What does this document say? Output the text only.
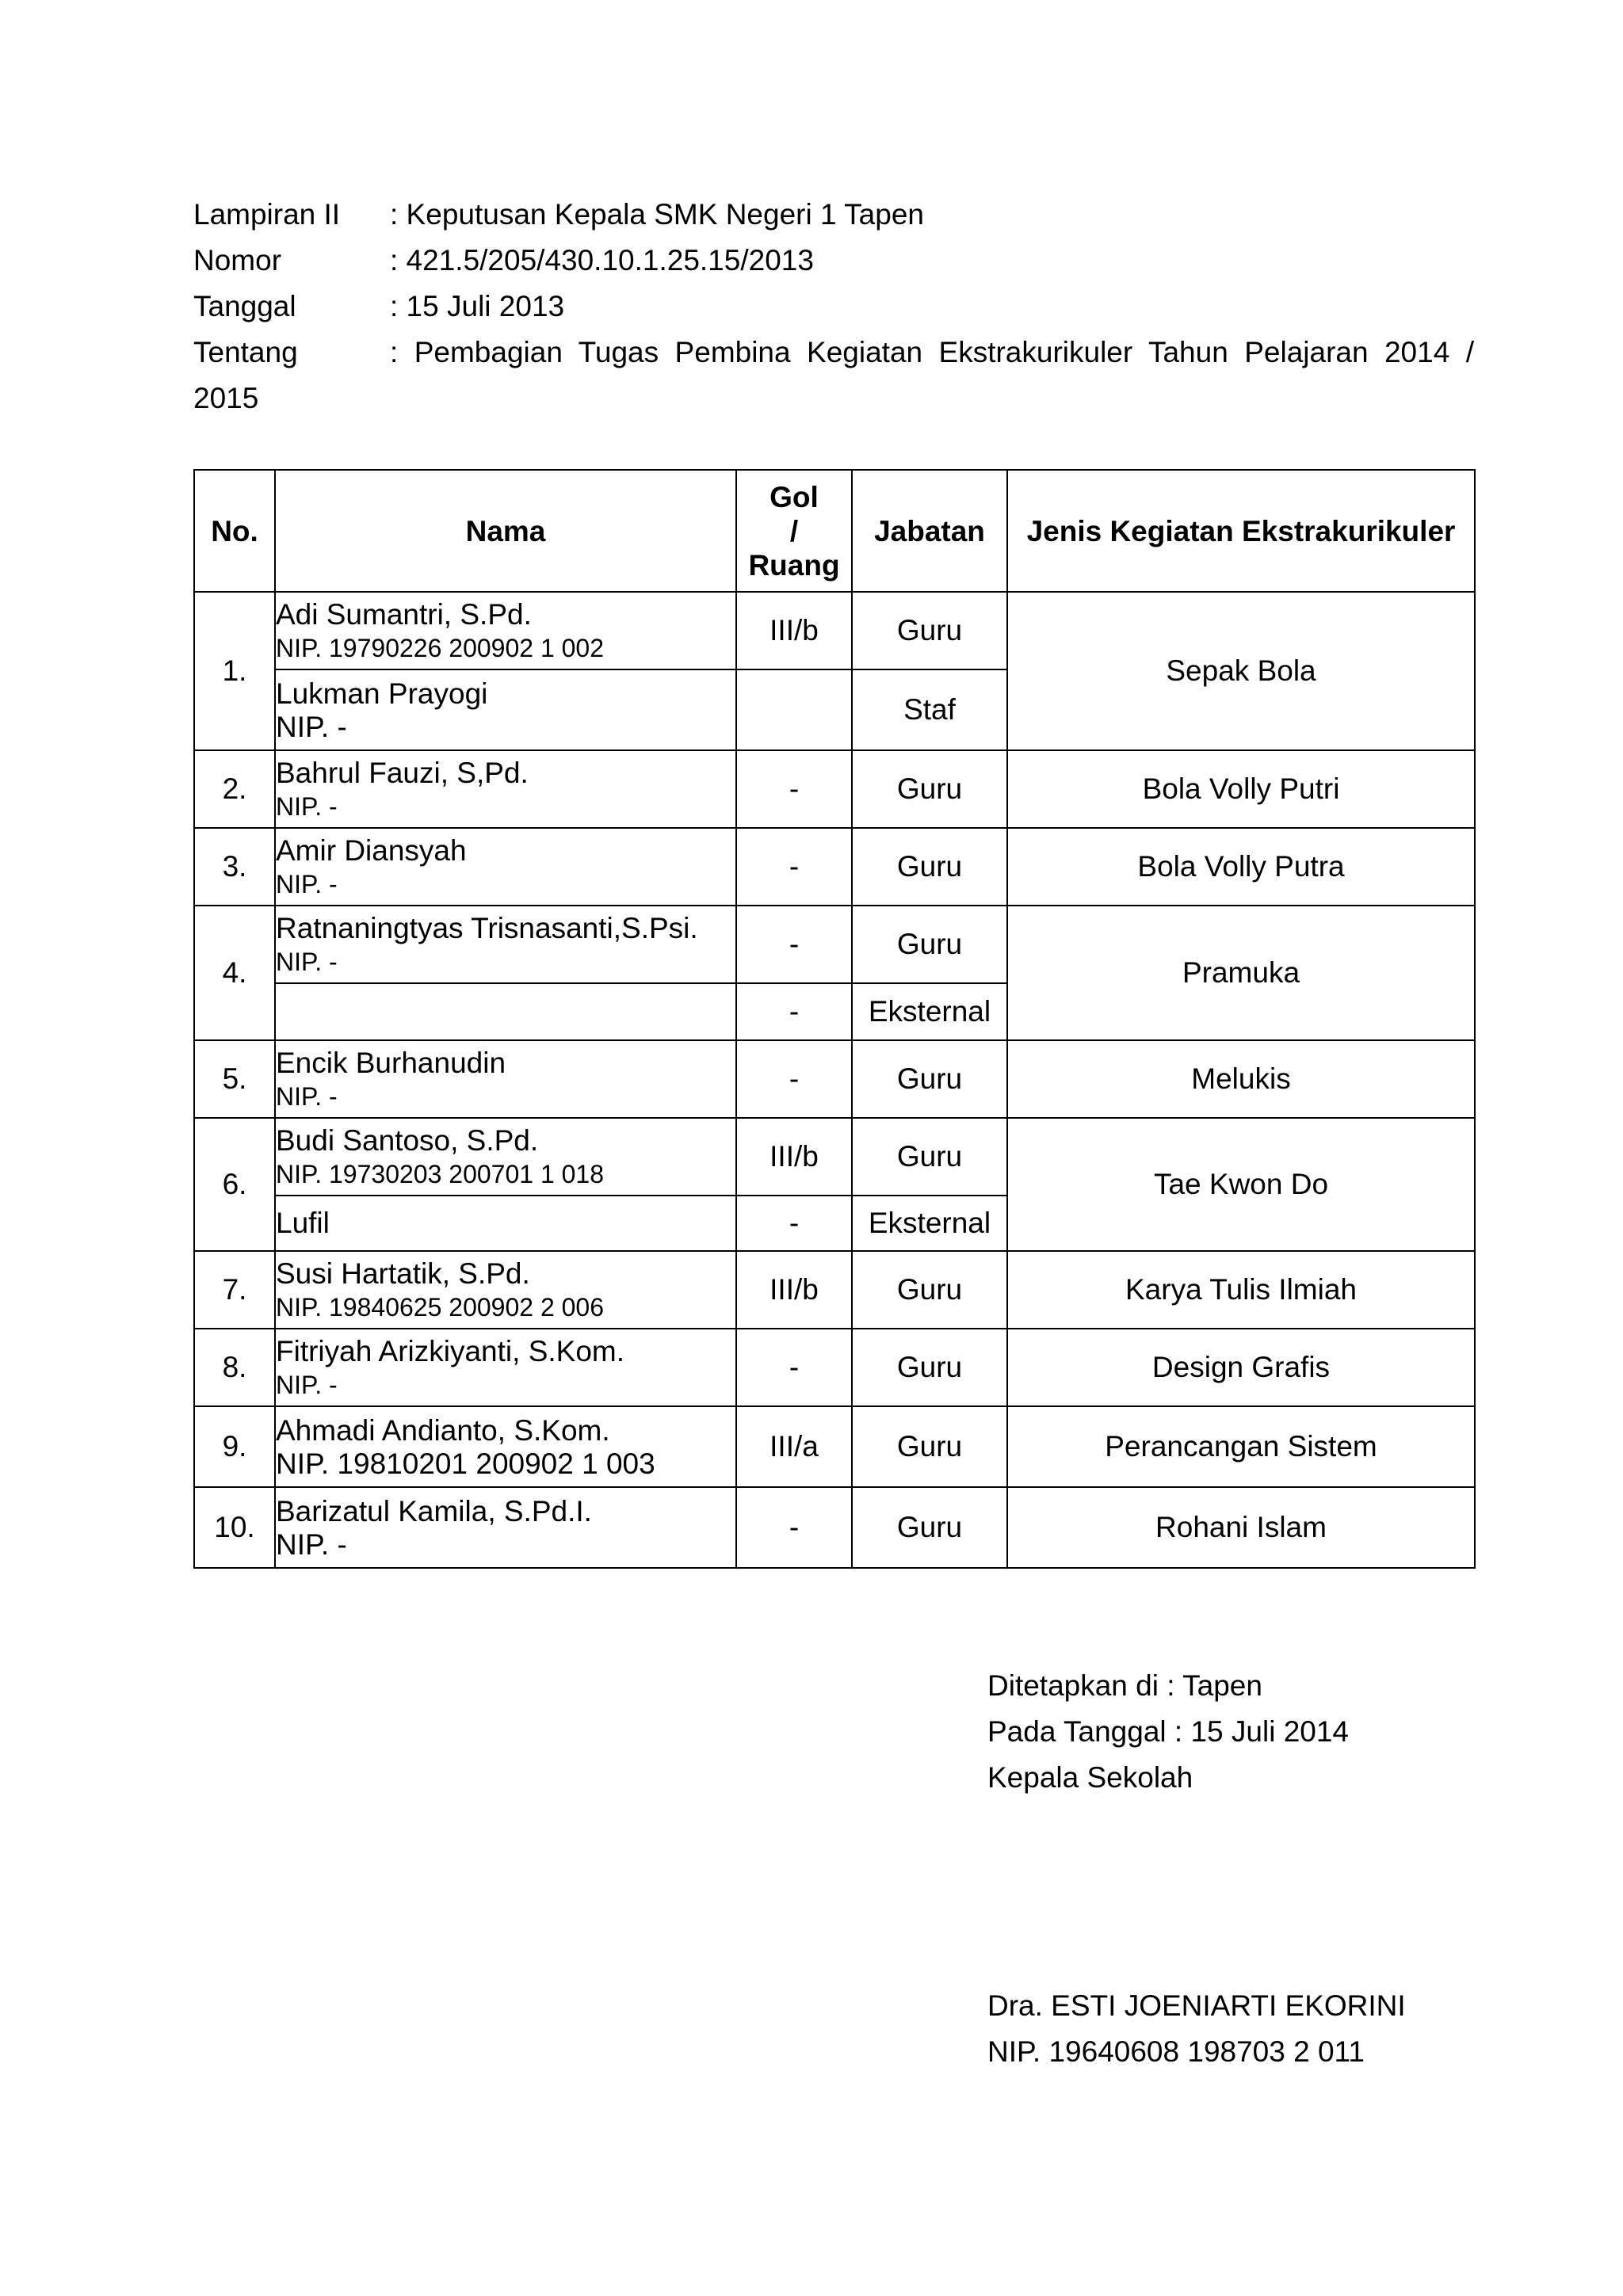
Lampiran II : Keputusan Kepala SMK Negeri 1 Tapen
Nomor	: 421.5/205/430.10.1.25.15/2013
Tanggal	: 15 Juli 2013
Tentang	: Pembagian Tugas Pembina Kegiatan Ekstrakurikuler Tahun Pelajaran 2014 /
2015
No.	Nama	Gol
/
Ruang	Jabatan	Jenis Kegiatan Ekstrakurikuler
1.	Adi Sumantri, S.Pd.
NIP. 19790226 200902 1 002	III/b	Guru	Sepak Bola

	Lukman Prayogi
NIP. -		Staf	
2.	Bahrul Fauzi, S,Pd.
NIP. -	-	Guru	Bola Volly Putri
3.	Amir Diansyah
NIP. -	-	Guru	Bola Volly Putra
4.	Ratnaningtyas Trisnasanti,S.Psi.
NIP. -	-	Guru	Pramuka

		-	Eksternal	
5.	Encik Burhanudin
NIP. -	-	Guru	Melukis
6.	Budi Santoso, S.Pd.
NIP. 19730203 200701 1 018	III/b	Guru	Tae Kwon Do

	Lufil	-	Eksternal	
7.	Susi Hartatik, S.Pd.
NIP. 19840625 200902 2 006	III/b	Guru	Karya Tulis Ilmiah
8.	Fitriyah Arizkiyanti, S.Kom.
NIP. -	-	Guru	Design Grafis
9.	Ahmadi Andianto, S.Kom.
NIP. 19810201 200902 1 003	III/a	Guru	Perancangan Sistem
10.	Barizatul Kamila, S.Pd.I.
NIP. -	-	Guru	Rohani Islam
Ditetapkan di : Tapen
Pada Tanggal : 15 Juli 2014
Kepala Sekolah
Dra. ESTI JOENIARTI EKORINI
NIP. 19640608 198703 2 011
